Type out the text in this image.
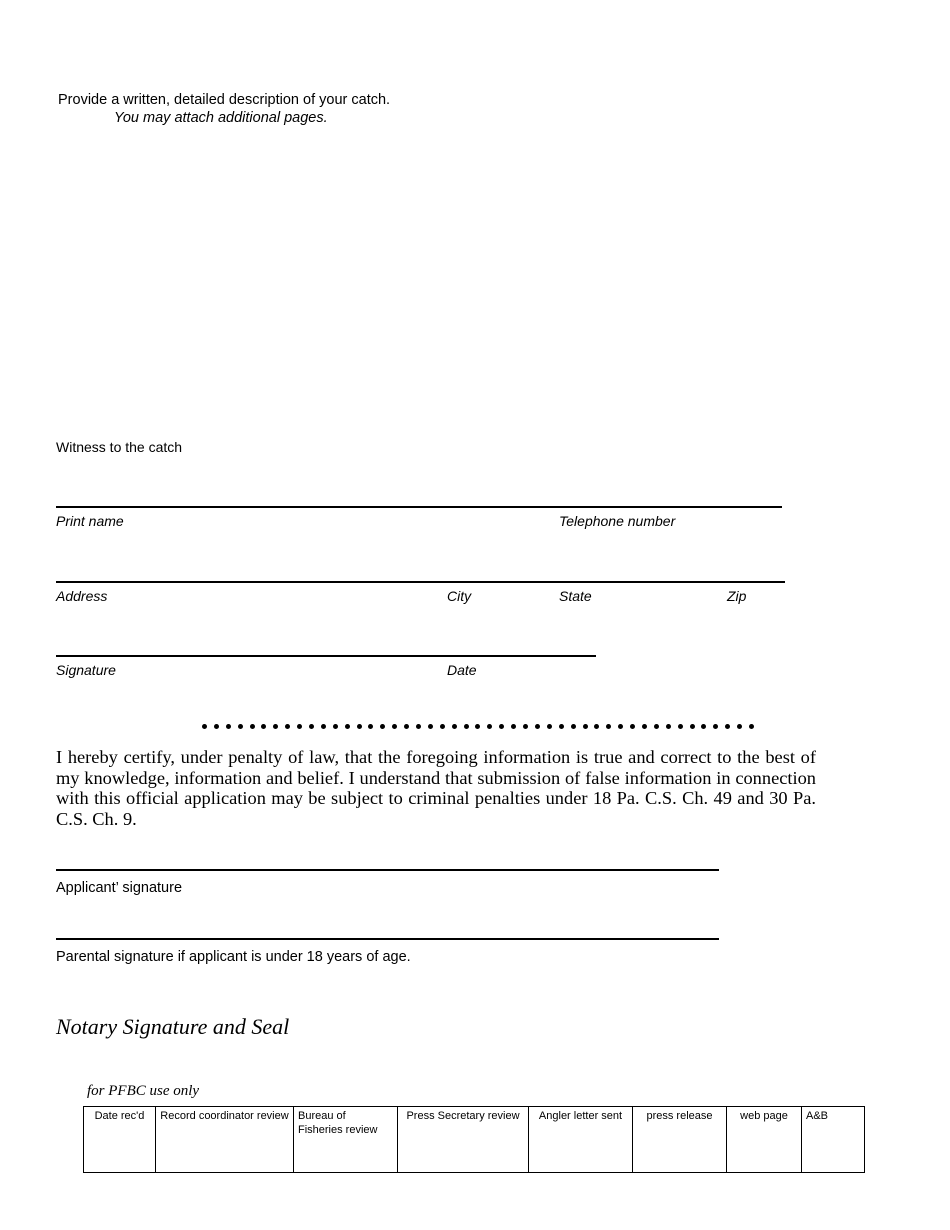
Provide a written, detailed description of your catch.
You may attach additional pages.
Witness to the catch
Print name	Telephone number
Address	City	State	Zip
Signature	Date
I hereby certify, under penalty of law, that the foregoing information is true and correct to the best of my knowledge, information and belief. I understand that submission of false information in connection with this official application may be subject to criminal penalties under 18 Pa. C.S. Ch. 49 and 30 Pa. C.S. Ch. 9.
Applicant’ signature
Parental signature if applicant is under 18 years of age.
Notary Signature and Seal
for PFBC use only
Date rec'd	Record coordinator review	Bureau of Fisheries review	Press Secretary review	Angler letter sent	press release	web page	A&B
